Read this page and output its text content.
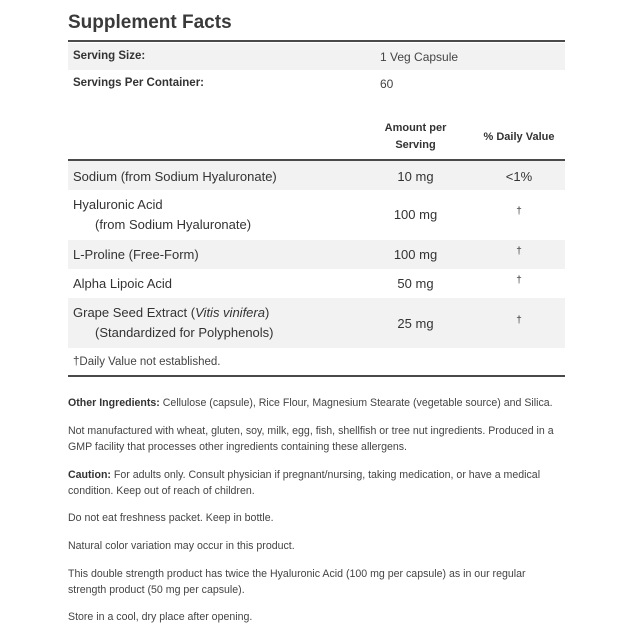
Supplement Facts
Serving Size:	1 Veg Capsule
Servings Per Container:	60
Amount per
Serving
% Daily Value
Sodium (from Sodium Hyaluronate)	10 mg	<1%
Hyaluronic Acid
(from Sodium Hyaluronate)
100 mg	†
L-Proline (Free-Form)	100 mg	†
Alpha Lipoic Acid	50 mg	†
Grape Seed Extract (Vitis vinifera)
(Standardized for Polyphenols)
25 mg	†
†Daily Value not established.
Other Ingredients: Cellulose (capsule), Rice Flour, Magnesium Stearate (vegetable source) and Silica.
Not manufactured with wheat, gluten, soy, milk, egg, fish, shellfish or tree nut ingredients. Produced in a GMP facility that processes other ingredients containing these allergens.
Caution: For adults only. Consult physician if pregnant/nursing, taking medication, or have a medical condition. Keep out of reach of children.
Do not eat freshness packet. Keep in bottle.
Natural color variation may occur in this product.
This double strength product has twice the Hyaluronic Acid (100 mg per capsule) as in our regular strength product (50 mg per capsule).
Store in a cool, dry place after opening.
